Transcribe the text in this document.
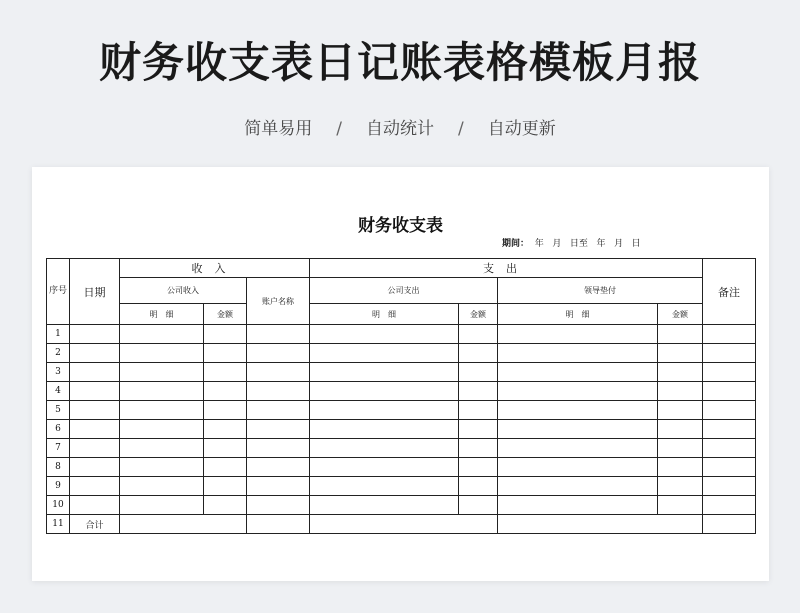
财务收支表日记账表格模板月报
简单易用 / 自动统计 / 自动更新
财务收支表
期间：  年   月   日至   年   月   日
序号	日期	收入			支出				备注
		公司收入		账户名称	公司支出		领导垫付		
		明　细	金额		明　细	金额	明　细	金额	
1									
2									
3									
4									
5									
6									
7									
8									
9									
10									
11	合计								
